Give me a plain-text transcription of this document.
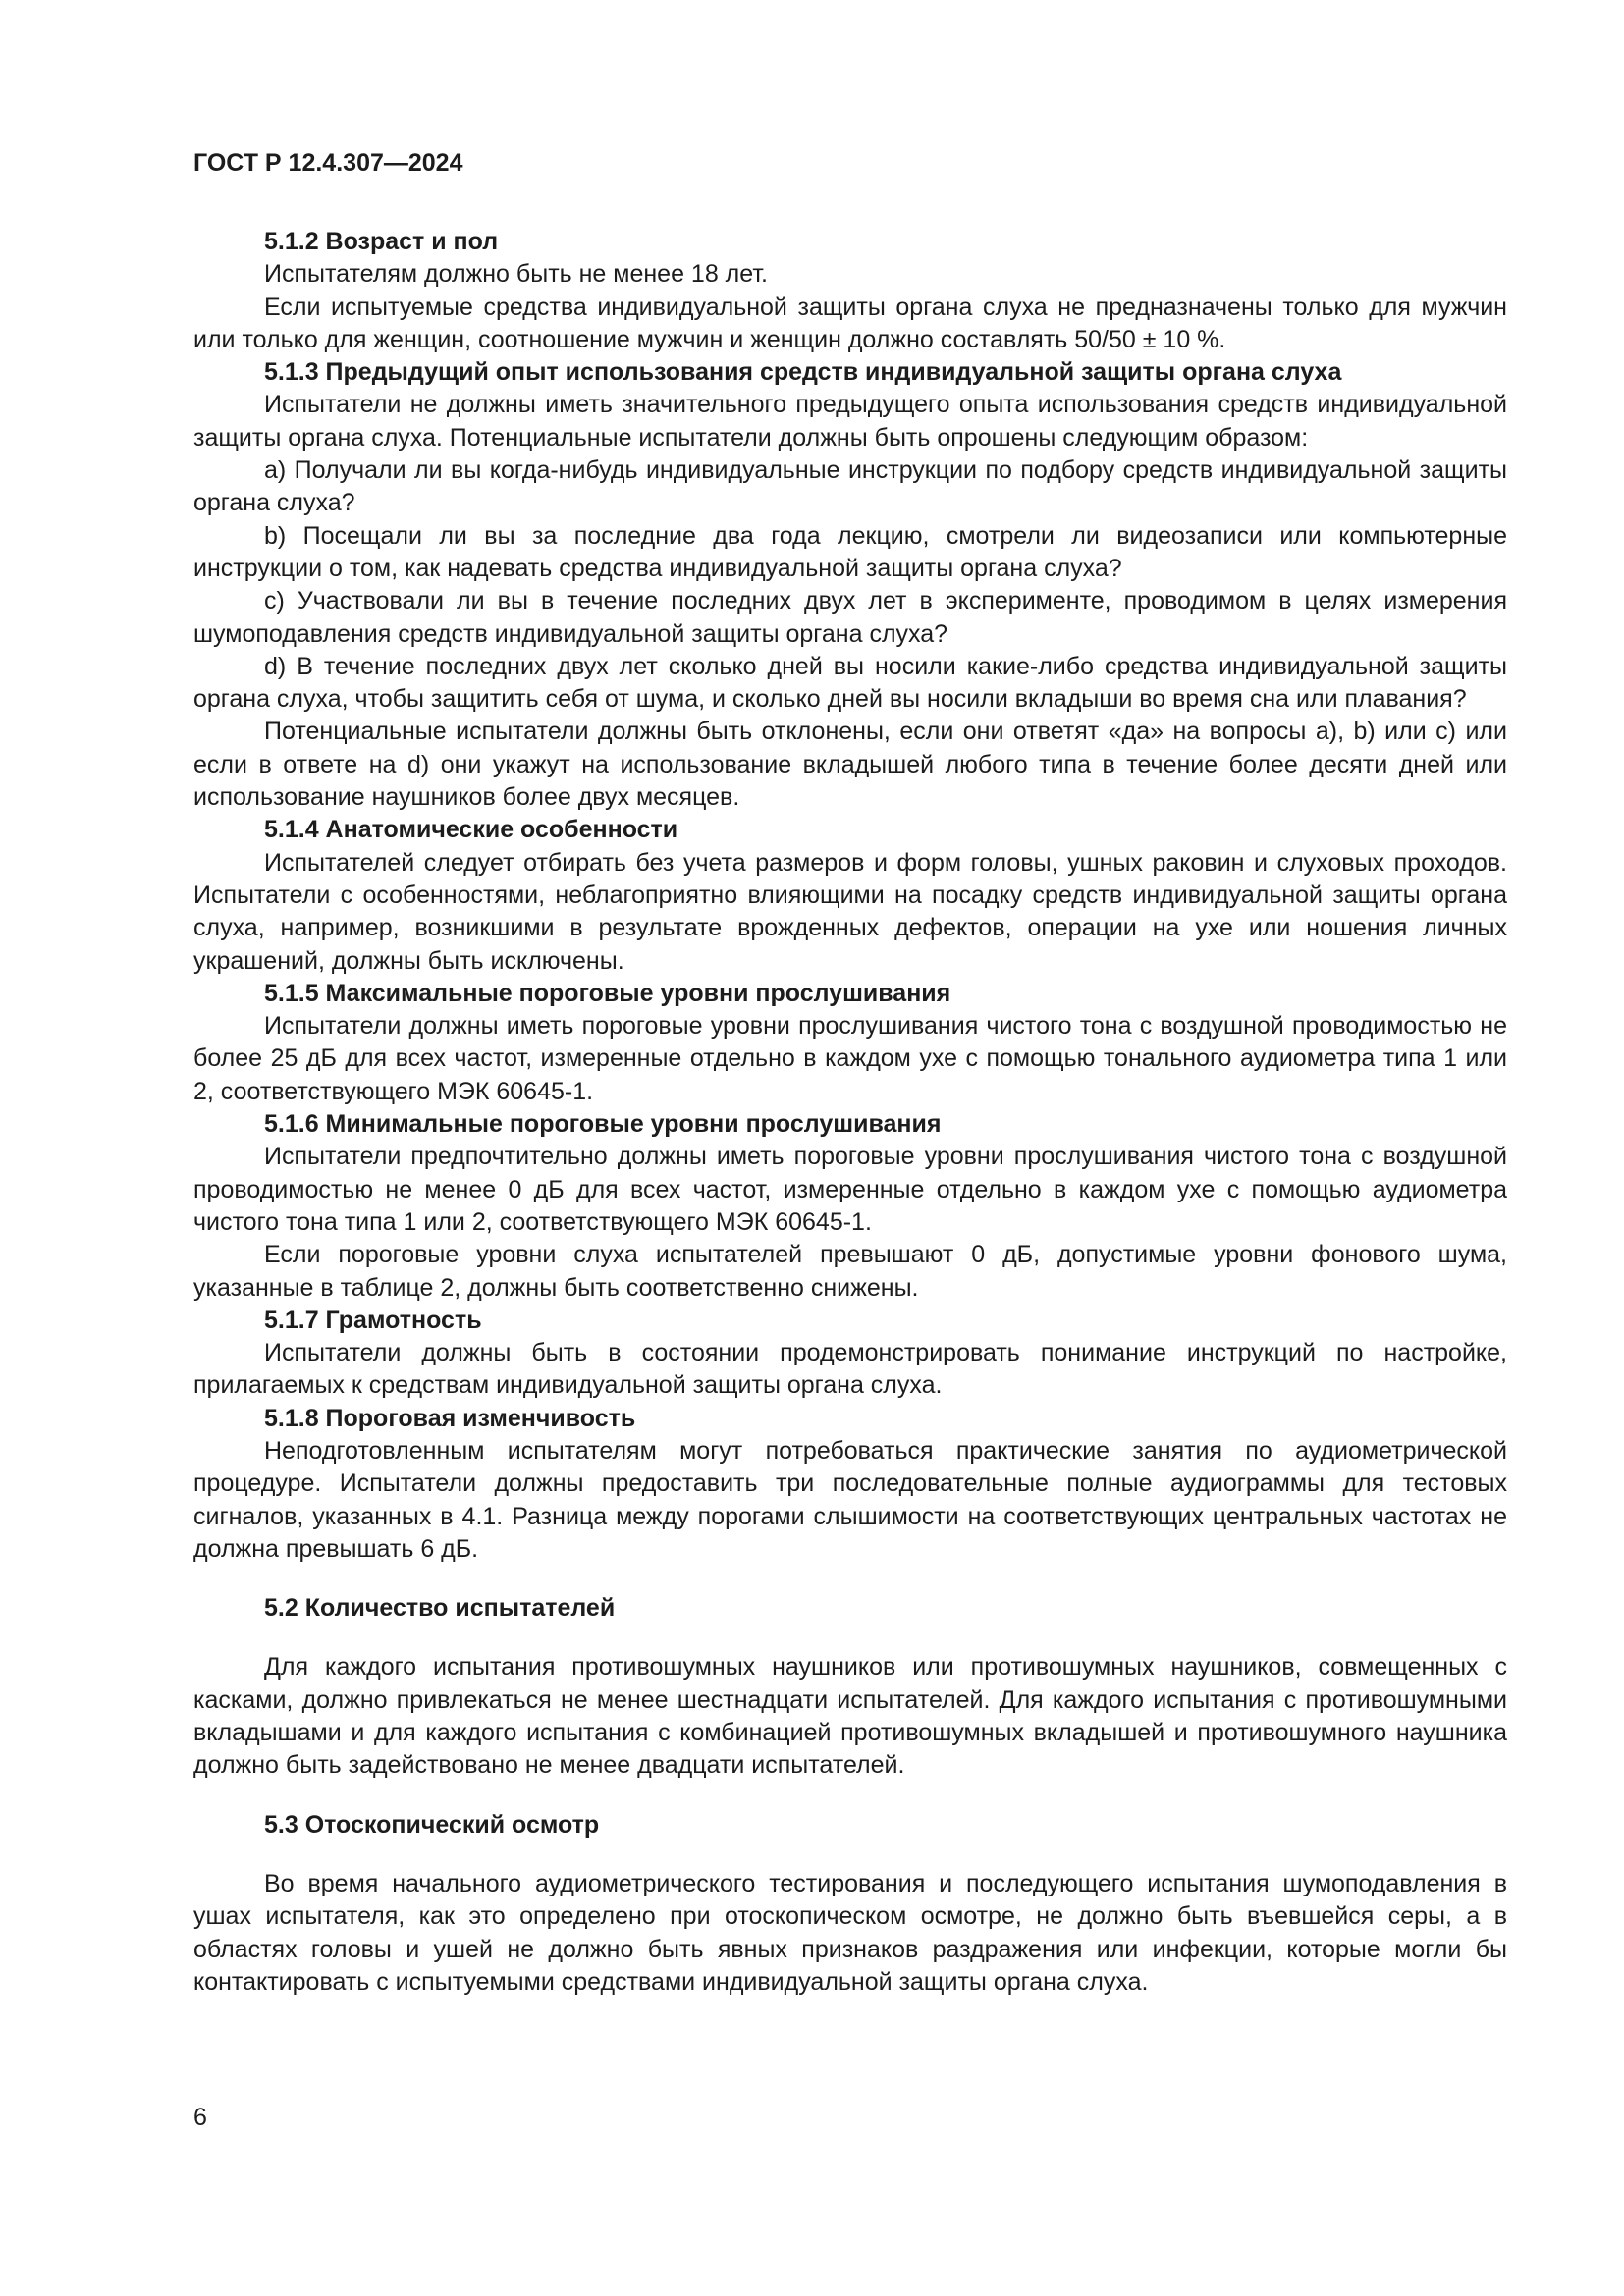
ГОСТ Р 12.4.307—2024

5.1.2 Возраст и пол

Испытателям должно быть не менее 18 лет.

Если испытуемые средства индивидуальной защиты органа слуха не предназначены только для мужчин или только для женщин, соотношение мужчин и женщин должно составлять 50/50 ± 10 %.

5.1.3 Предыдущий опыт использования средств индивидуальной защиты органа слуха

Испытатели не должны иметь значительного предыдущего опыта использования средств индивидуальной защиты органа слуха. Потенциальные испытатели должны быть опрошены следующим образом:

a) Получали ли вы когда-нибудь индивидуальные инструкции по подбору средств индивидуальной защиты органа слуха?

b) Посещали ли вы за последние два года лекцию, смотрели ли видеозаписи или компьютерные инструкции о том, как надевать средства индивидуальной защиты органа слуха?

c) Участвовали ли вы в течение последних двух лет в эксперименте, проводимом в целях измерения шумоподавления средств индивидуальной защиты органа слуха?

d) В течение последних двух лет сколько дней вы носили какие-либо средства индивидуальной защиты органа слуха, чтобы защитить себя от шума, и сколько дней вы носили вкладыши во время сна или плавания?

Потенциальные испытатели должны быть отклонены, если они ответят «да» на вопросы a), b) или c) или если в ответе на d) они укажут на использование вкладышей любого типа в течение более десяти дней или использование наушников более двух месяцев.

5.1.4 Анатомические особенности

Испытателей следует отбирать без учета размеров и форм головы, ушных раковин и слуховых проходов. Испытатели с особенностями, неблагоприятно влияющими на посадку средств индивидуальной защиты органа слуха, например, возникшими в результате врожденных дефектов, операции на ухе или ношения личных украшений, должны быть исключены.

5.1.5 Максимальные пороговые уровни прослушивания

Испытатели должны иметь пороговые уровни прослушивания чистого тона с воздушной проводимостью не более 25 дБ для всех частот, измеренные отдельно в каждом ухе с помощью тонального аудиометра типа 1 или 2, соответствующего МЭК 60645-1.

5.1.6 Минимальные пороговые уровни прослушивания

Испытатели предпочтительно должны иметь пороговые уровни прослушивания чистого тона с воздушной проводимостью не менее 0 дБ для всех частот, измеренные отдельно в каждом ухе с помощью аудиометра чистого тона типа 1 или 2, соответствующего МЭК 60645-1.

Если пороговые уровни слуха испытателей превышают 0 дБ, допустимые уровни фонового шума, указанные в таблице 2, должны быть соответственно снижены.

5.1.7 Грамотность

Испытатели должны быть в состоянии продемонстрировать понимание инструкций по настройке, прилагаемых к средствам индивидуальной защиты органа слуха.

5.1.8 Пороговая изменчивость

Неподготовленным испытателям могут потребоваться практические занятия по аудиометрической процедуре. Испытатели должны предоставить три последовательные полные аудиограммы для тестовых сигналов, указанных в 4.1. Разница между порогами слышимости на соответствующих центральных частотах не должна превышать 6 дБ.

5.2 Количество испытателей

Для каждого испытания противошумных наушников или противошумных наушников, совмещенных с касками, должно привлекаться не менее шестнадцати испытателей. Для каждого испытания с противошумными вкладышами и для каждого испытания с комбинацией противошумных вкладышей и противошумного наушника должно быть задействовано не менее двадцати испытателей.

5.3 Отоскопический осмотр

Во время начального аудиометрического тестирования и последующего испытания шумоподавления в ушах испытателя, как это определено при отоскопическом осмотре, не должно быть въевшейся серы, а в областях головы и ушей не должно быть явных признаков раздражения или инфекции, которые могли бы контактировать с испытуемыми средствами индивидуальной защиты органа слуха.

6
